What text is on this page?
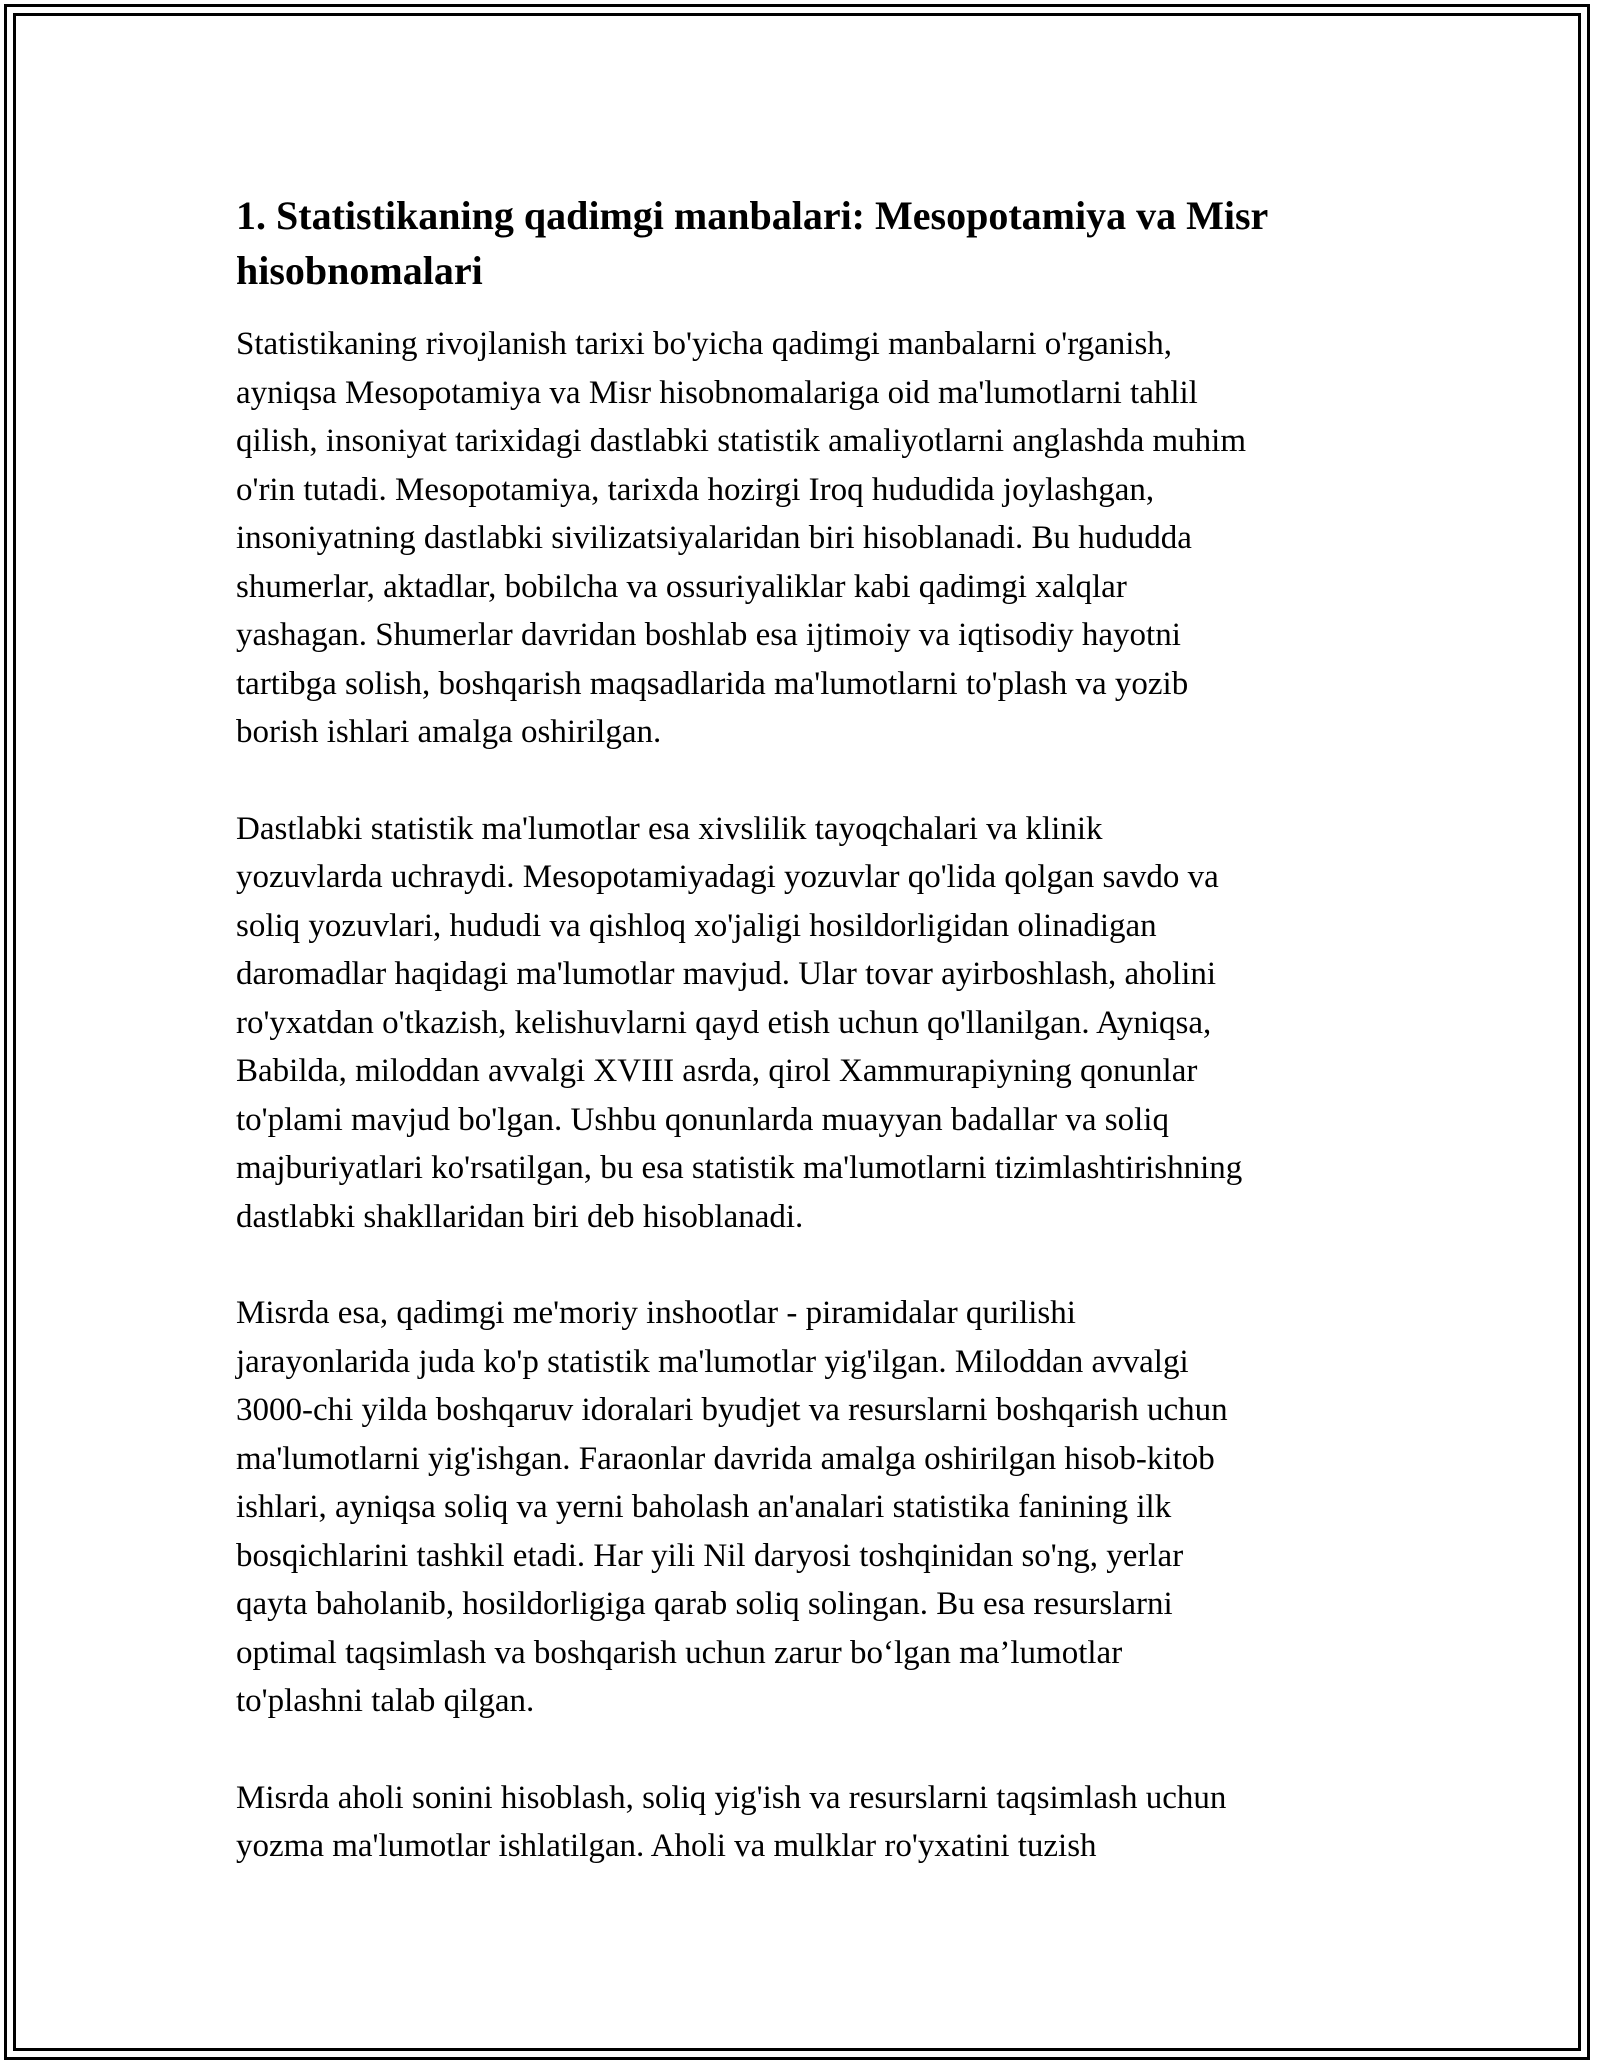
1. Statistikaning qadimgi manbalari: Mesopotamiya va Misr
hisobnomalari

Statistikaning rivojlanish tarixi bo'yicha qadimgi manbalarni o'rganish,
ayniqsa Mesopotamiya va Misr hisobnomalariga oid ma'lumotlarni tahlil
qilish, insoniyat tarixidagi dastlabki statistik amaliyotlarni anglashda muhim
o'rin tutadi. Mesopotamiya, tarixda hozirgi Iroq hududida joylashgan,
insoniyatning dastlabki sivilizatsiyalaridan biri hisoblanadi. Bu hududda
shumerlar, aktadlar, bobilcha va ossuriyaliklar kabi qadimgi xalqlar
yashagan. Shumerlar davridan boshlab esa ijtimoiy va iqtisodiy hayotni
tartibga solish, boshqarish maqsadlarida ma'lumotlarni to'plash va yozib
borish ishlari amalga oshirilgan.

Dastlabki statistik ma'lumotlar esa xivslilik tayoqchalari va klinik
yozuvlarda uchraydi. Mesopotamiyadagi yozuvlar qo'lida qolgan savdo va
soliq yozuvlari, hududi va qishloq xo'jaligi hosildorligidan olinadigan
daromadlar haqidagi ma'lumotlar mavjud. Ular tovar ayirboshlash, aholini
ro'yxatdan o'tkazish, kelishuvlarni qayd etish uchun qo'llanilgan. Ayniqsa,
Babilda, miloddan avvalgi XVIII asrda, qirol Xammurapiyning qonunlar
to'plami mavjud bo'lgan. Ushbu qonunlarda muayyan badallar va soliq
majburiyatlari ko'rsatilgan, bu esa statistik ma'lumotlarni tizimlashtirishning
dastlabki shakllaridan biri deb hisoblanadi.

Misrda esa, qadimgi me'moriy inshootlar - piramidalar qurilishi
jarayonlarida juda ko'p statistik ma'lumotlar yig'ilgan. Miloddan avvalgi
3000-chi yilda boshqaruv idoralari byudjet va resurslarni boshqarish uchun
ma'lumotlarni yig'ishgan. Faraonlar davrida amalga oshirilgan hisob-kitob
ishlari, ayniqsa soliq va yerni baholash an'analari statistika fanining ilk
bosqichlarini tashkil etadi. Har yili Nil daryosi toshqinidan so'ng, yerlar
qayta baholanib, hosildorligiga qarab soliq solingan. Bu esa resurslarni
optimal taqsimlash va boshqarish uchun zarur bo‘lgan ma’lumotlar
to'plashni talab qilgan.

Misrda aholi sonini hisoblash, soliq yig'ish va resurslarni taqsimlash uchun
yozma ma'lumotlar ishlatilgan. Aholi va mulklar ro'yxatini tuzish
